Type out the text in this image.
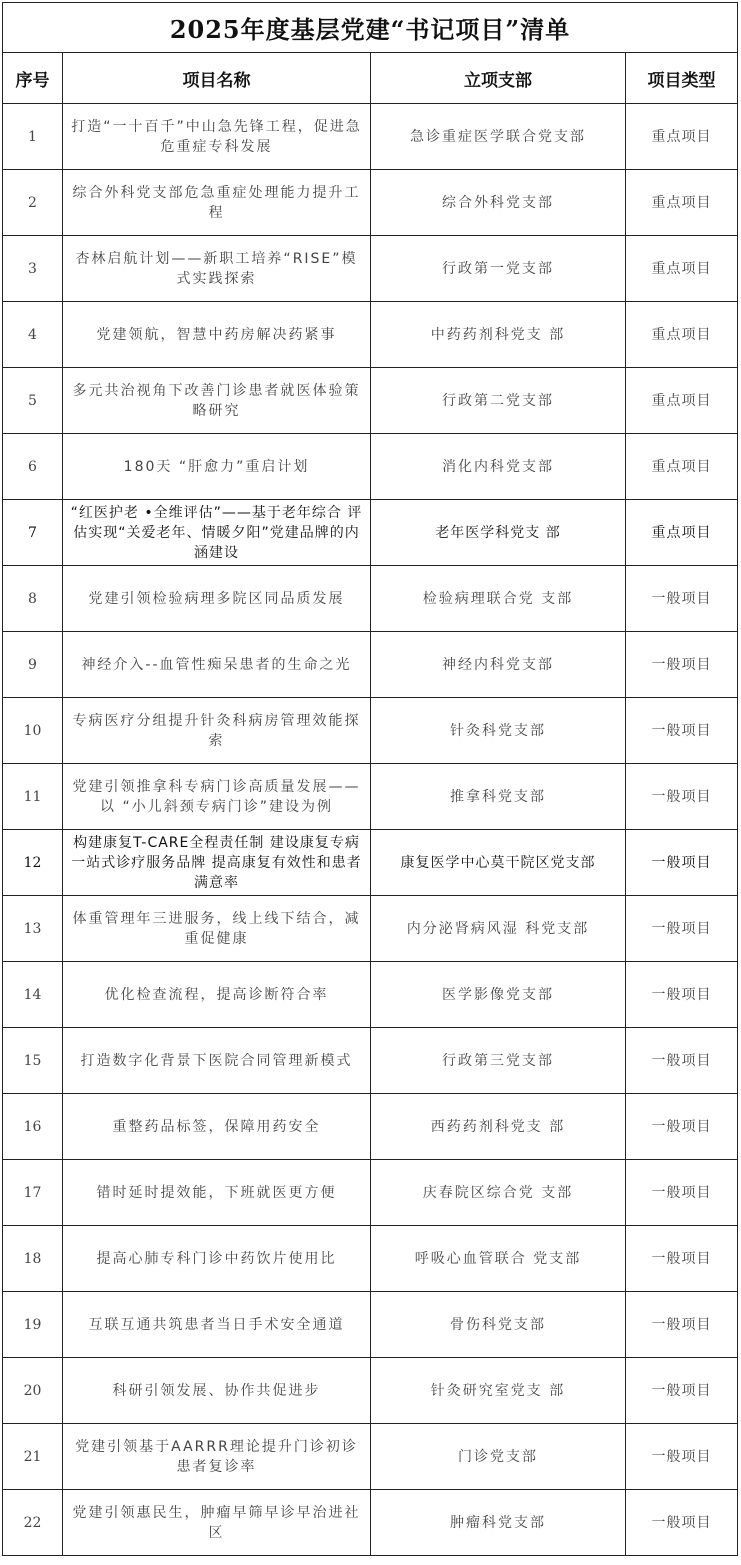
2025年度基层党建“书记项目”清单			
序号	项目名称	立项支部	项目类型
1	打造“一十百千”中山急先锋工程，促进急危重症专科发展	急诊重症医学联合党支部	重点项目
2	综合外科党支部危急重症处理能力提升工程	综合外科党支部	重点项目
3	杏林启航计划——新职工培养“RISE”模式实践探索	行政第一党支部	重点项目
4	党建领航，智慧中药房解决药紧事	中药药剂科党支 部	重点项目
5	多元共治视角下改善门诊患者就医体验策略研究	行政第二党支部	重点项目
6	180天 “肝愈力”重启计划	消化内科党支部	重点项目
7	“红医护老 •全维评估”——基于老年综合 评估实现“关爱老年、情暖夕阳”党建品牌的内涵建设	老年医学科党支 部	重点项目
8	党建引领检验病理多院区同品质发展	检验病理联合党 支部	一般项目
9	神经介入--血管性痴呆患者的生命之光	神经内科党支部	一般项目
10	专病医疗分组提升针灸科病房管理效能探索	针灸科党支部	一般项目
11	党建引领推拿科专病门诊高质量发展——以 “小儿斜颈专病门诊”建设为例	推拿科党支部	一般项目
12	构建康复T-CARE全程责任制 建设康复专病一站式诊疗服务品牌 提高康复有效性和患者满意率	康复医学中心莫干院区党支部	一般项目
13	体重管理年三进服务，线上线下结合，减重促健康	内分泌肾病风湿 科党支部	一般项目
14	优化检查流程，提高诊断符合率	医学影像党支部	一般项目
15	打造数字化背景下医院合同管理新模式	行政第三党支部	一般项目
16	重整药品标签，保障用药安全	西药药剂科党支 部	一般项目
17	错时延时提效能，下班就医更方便	庆春院区综合党 支部	一般项目
18	提高心肺专科门诊中药饮片使用比	呼吸心血管联合 党支部	一般项目
19	互联互通共筑患者当日手术安全通道	骨伤科党支部	一般项目
20	科研引领发展、协作共促进步	针灸研究室党支 部	一般项目
21	党建引领基于AARRR理论提升门诊初诊患者复诊率	门诊党支部	一般项目
22	党建引领惠民生，肿瘤早筛早诊早治进社区	肿瘤科党支部	一般项目
